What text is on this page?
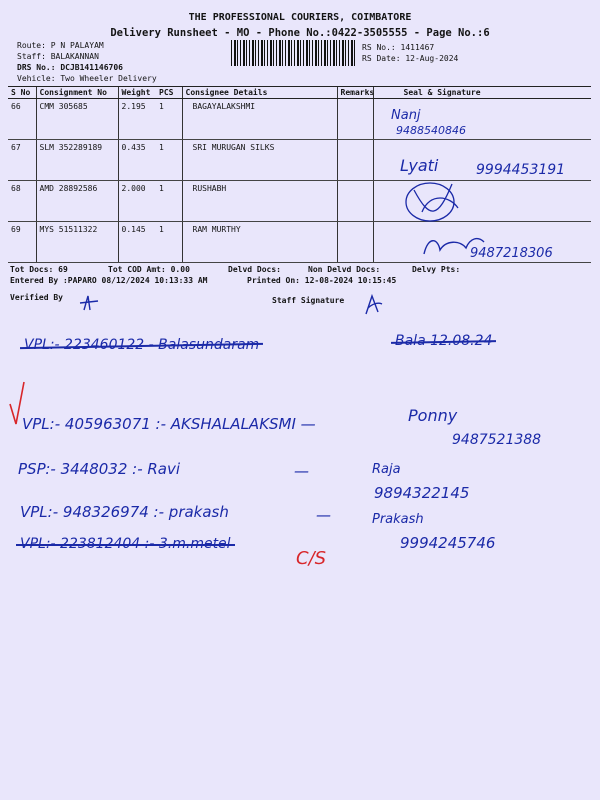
THE PROFESSIONAL COURIERS, COIMBATORE
Delivery Runsheet - MO - Phone No.:0422-3505555 - Page No.:6
Route: P N PALAYAM
Staff: BALAKANNAN
DRS No.: DCJB141146706
Vehicle: Two Wheeler Delivery
RS No.: 1411467
RS Date: 12-Aug-2024
S No	Consignment No	Weight	PCS	Consignee Details	Remarks	Seal & Signature
66	CMM 305685	2.195	1	BAGAYALAKSHMI		
67	SLM 352289189	0.435	1	SRI MURUGAN SILKS		
68	AMD 28892586	2.000	1	RUSHABH		
69	MYS 51511322	0.145	1	RAM MURTHY		
Tot Docs: 69	Tot COD Amt: 0.00	Delvd Docs:	Non Delvd Docs:	Delvy Pts:
Entered By :PAPARO 08/12/2024 10:13:33 AM	Printed On: 12-08-2024 10:15:45
Verified By	Staff Signature
Nanj
9488540846
Lyati	9994453191
9487218306
VPL:- 223460122 - Balasundaram	Bala 12.08.24
VPL:- 405963071 :- AKSHALALAKSMI —	Ponny
9487521388
PSP:- 3448032 :- Ravi	—	Raja
9894322145
VPL:- 948326974 :- prakash	—	Prakash
9994245746
VPL:- 223812404 :- 3.m.metel
C/S
